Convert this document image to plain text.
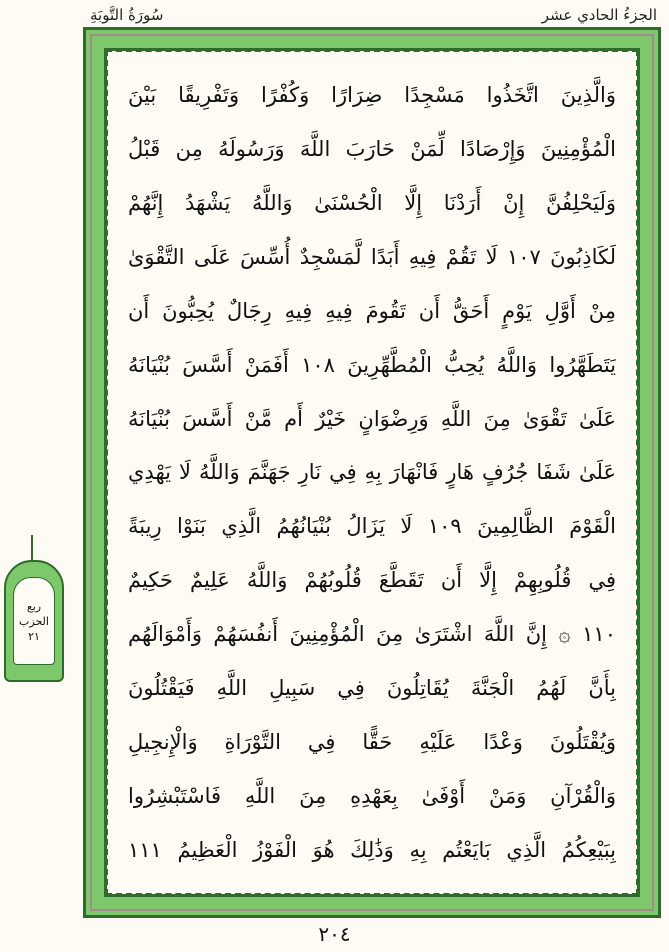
الجزءُ الحادي عشر
سُورَةُ التَّوبَةِ
ربع
الحزب
٢١
وَالَّذِينَ اتَّخَذُوا مَسْجِدًا ضِرَارًا وَكُفْرًا وَتَفْرِيقًا بَيْنَ
الْمُؤْمِنِينَ وَإِرْصَادًا لِّمَنْ حَارَبَ اللَّهَ وَرَسُولَهُ مِن قَبْلُ
وَلَيَحْلِفُنَّ إِنْ أَرَدْنَا إِلَّا الْحُسْنَىٰ وَاللَّهُ يَشْهَدُ إِنَّهُمْ
لَكَاذِبُونَ ١٠٧ لَا تَقُمْ فِيهِ أَبَدًا لَّمَسْجِدٌ أُسِّسَ عَلَى التَّقْوَىٰ
مِنْ أَوَّلِ يَوْمٍ أَحَقُّ أَن تَقُومَ فِيهِ فِيهِ رِجَالٌ يُحِبُّونَ أَن
يَتَطَهَّرُوا وَاللَّهُ يُحِبُّ الْمُطَّهِّرِينَ ١٠٨ أَفَمَنْ أَسَّسَ بُنْيَانَهُ
عَلَىٰ تَقْوَىٰ مِنَ اللَّهِ وَرِضْوَانٍ خَيْرٌ أَم مَّنْ أَسَّسَ بُنْيَانَهُ
عَلَىٰ شَفَا جُرُفٍ هَارٍ فَانْهَارَ بِهِ فِي نَارِ جَهَنَّمَ وَاللَّهُ لَا يَهْدِي
الْقَوْمَ الظَّالِمِينَ ١٠٩ لَا يَزَالُ بُنْيَانُهُمُ الَّذِي بَنَوْا رِيبَةً
فِي قُلُوبِهِمْ إِلَّا أَن تَقَطَّعَ قُلُوبُهُمْ وَاللَّهُ عَلِيمٌ حَكِيمٌ
١١٠ ۞ إِنَّ اللَّهَ اشْتَرَىٰ مِنَ الْمُؤْمِنِينَ أَنفُسَهُمْ وَأَمْوَالَهُم
بِأَنَّ لَهُمُ الْجَنَّةَ يُقَاتِلُونَ فِي سَبِيلِ اللَّهِ فَيَقْتُلُونَ
وَيُقْتَلُونَ وَعْدًا عَلَيْهِ حَقًّا فِي التَّوْرَاةِ وَالْإِنجِيلِ
وَالْقُرْآنِ وَمَنْ أَوْفَىٰ بِعَهْدِهِ مِنَ اللَّهِ فَاسْتَبْشِرُوا
بِبَيْعِكُمُ الَّذِي بَايَعْتُم بِهِ وَذَٰلِكَ هُوَ الْفَوْزُ الْعَظِيمُ ١١١
٢٠٤
